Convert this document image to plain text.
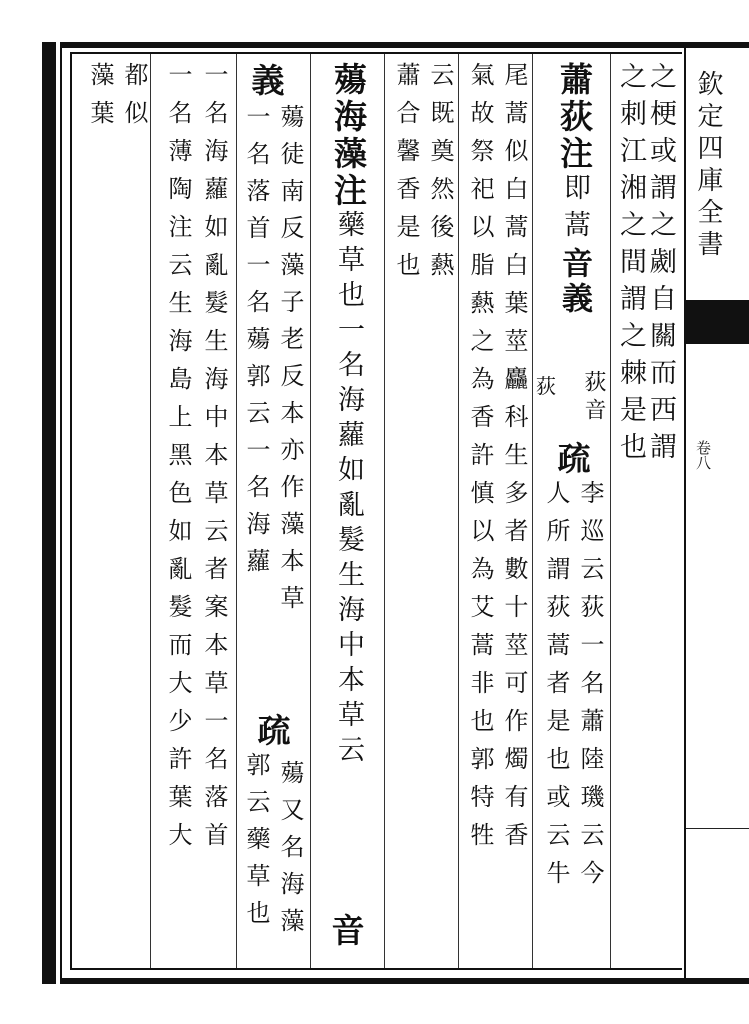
欽定四庫全書
卷八
之梗或謂之劌自關而西謂
之刺江湘之間謂之棘是也
蕭荻注
即蒿
音義
荻	荻音
疏
李巡云荻一名蕭陸璣云今
人所謂荻蒿者是也或云牛
尾蒿似白蒿白葉莖麤科生多者數十莖可作燭有香
氣故祭祀以脂爇之為香許慎以為艾蒿非也郭特牲
云既奠然後爇
蕭合馨香是也
薚海藻注
藥草也一名海蘿如亂髮生海中本草云
音
義
薚徒南反藻子老反本亦作藻本草
疏
薚又名海藻
一名落首一名薚郭云一名海蘿
郭云藥草也
一名海蘿如亂髮生海中本草云者案本草一名落首
一名薄陶注云生海島上黑色如亂髮而大少許葉大
都似
藻葉
